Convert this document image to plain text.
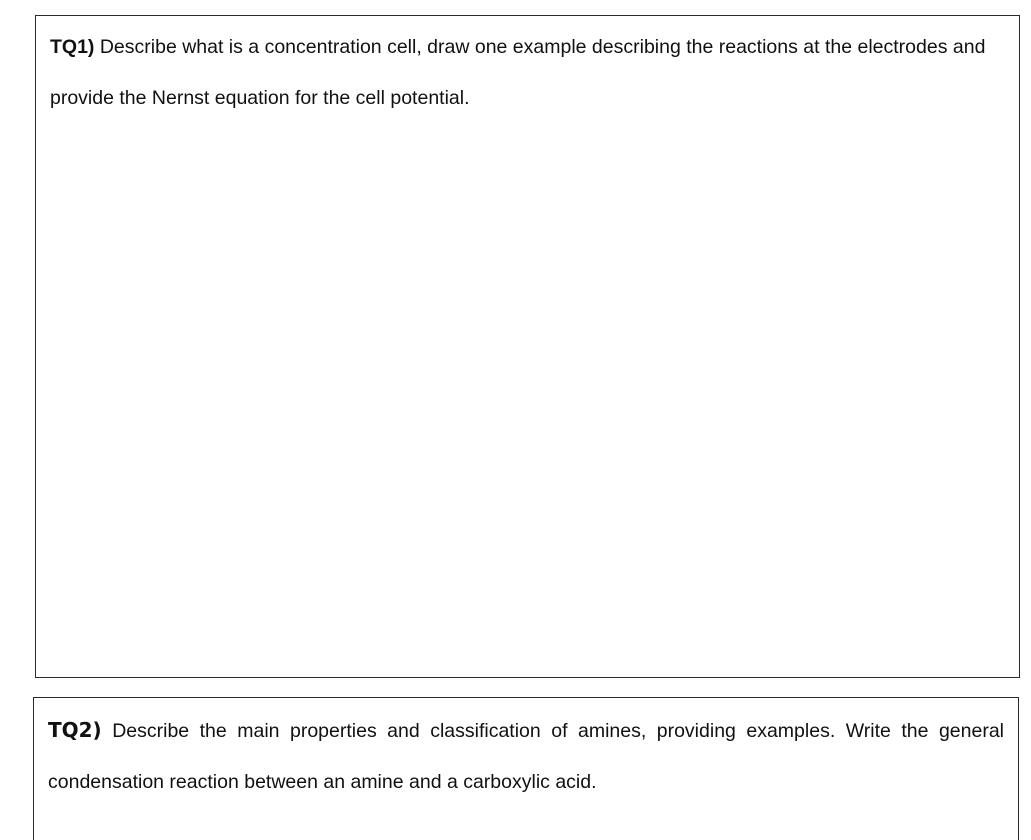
TQ1) Describe what is a concentration cell, draw one example describing the reactions at the electrodes and provide the Nernst equation for the cell potential.

TQ2) Describe the main properties and classification of amines, providing examples. Write the general condensation reaction between an amine and a carboxylic acid.
